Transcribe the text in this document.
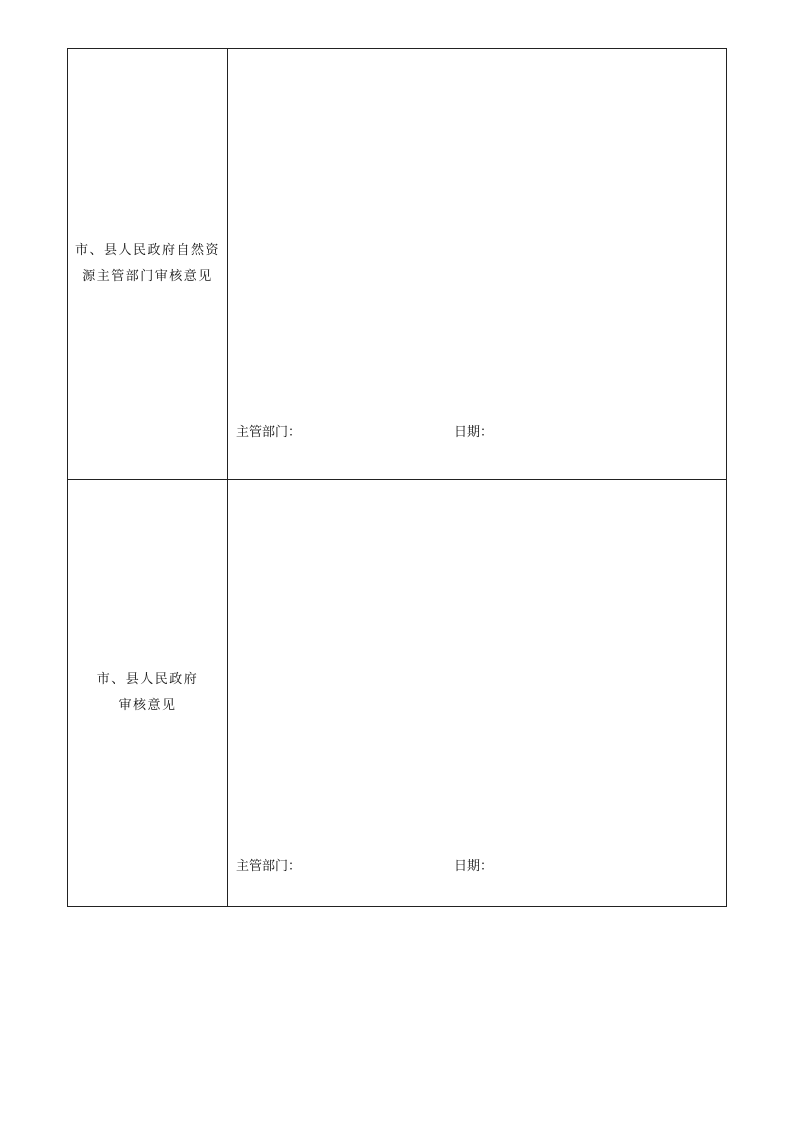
市、县人民政府自然资
源主管部门审核意见
主管部门：	日期：
市、县人民政府
审核意见
主管部门：	日期：
